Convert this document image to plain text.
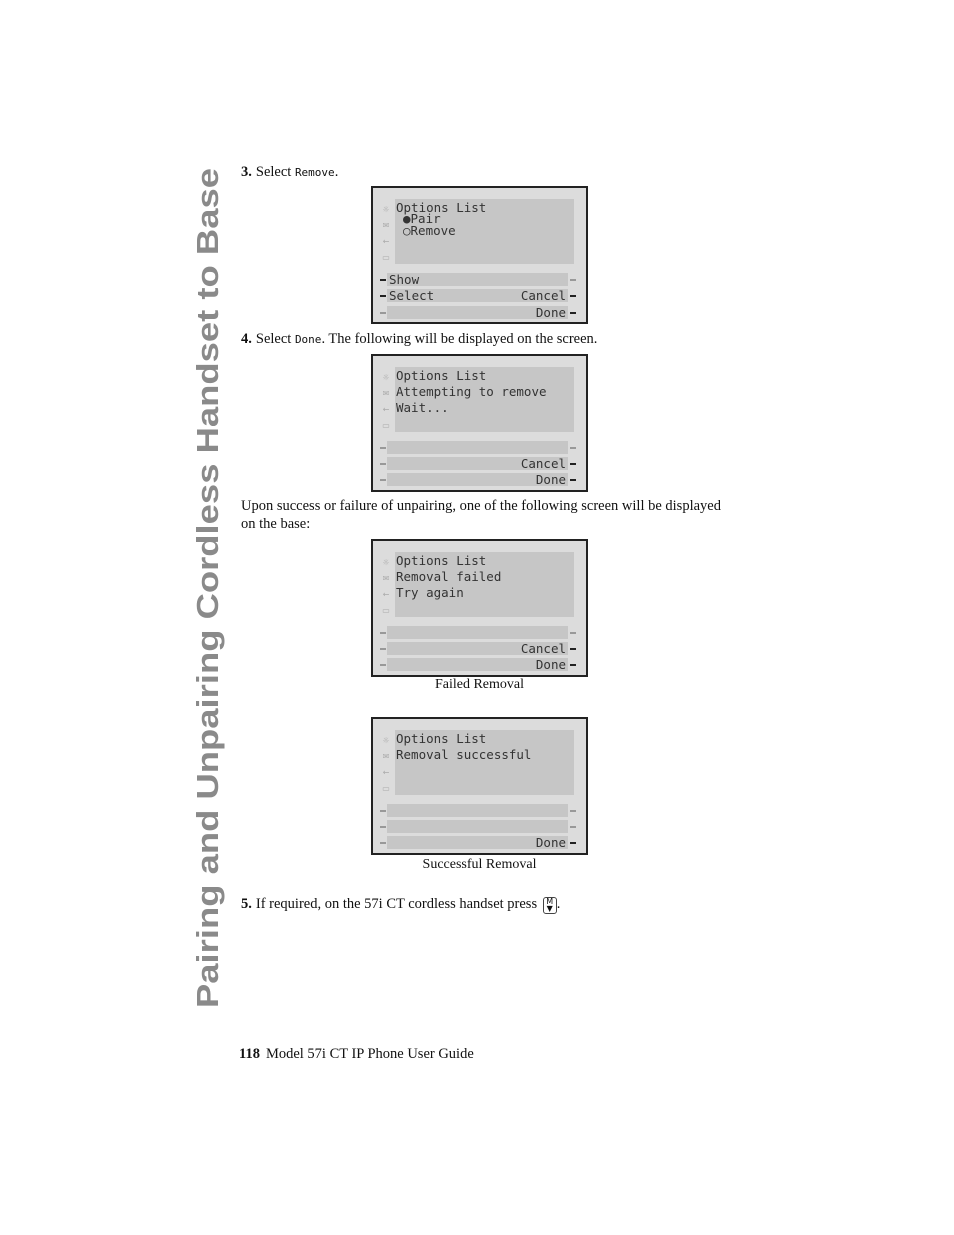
Pairing and Unpairing Cordless Handset to Base
3. Select Remove.
☼
✉
←
▭
Options List
●Pair
○Remove
Show
Select	Cancel
Done
4. Select Done. The following will be displayed on the screen.
☼
✉
←
▭
Options List
Attempting to remove
Wait...
Cancel
Done
Upon success or failure of unpairing, one of the following screen will be displayed on the base:
☼
✉
←
▭
Options List
Removal failed
Try again
Cancel
Done
Failed Removal
☼
✉
←
▭
Options List
Removal successful
Done
Successful Removal
5. If required, on the 57i CT cordless handset press M
▼ .
118 Model 57i CT IP Phone User Guide
